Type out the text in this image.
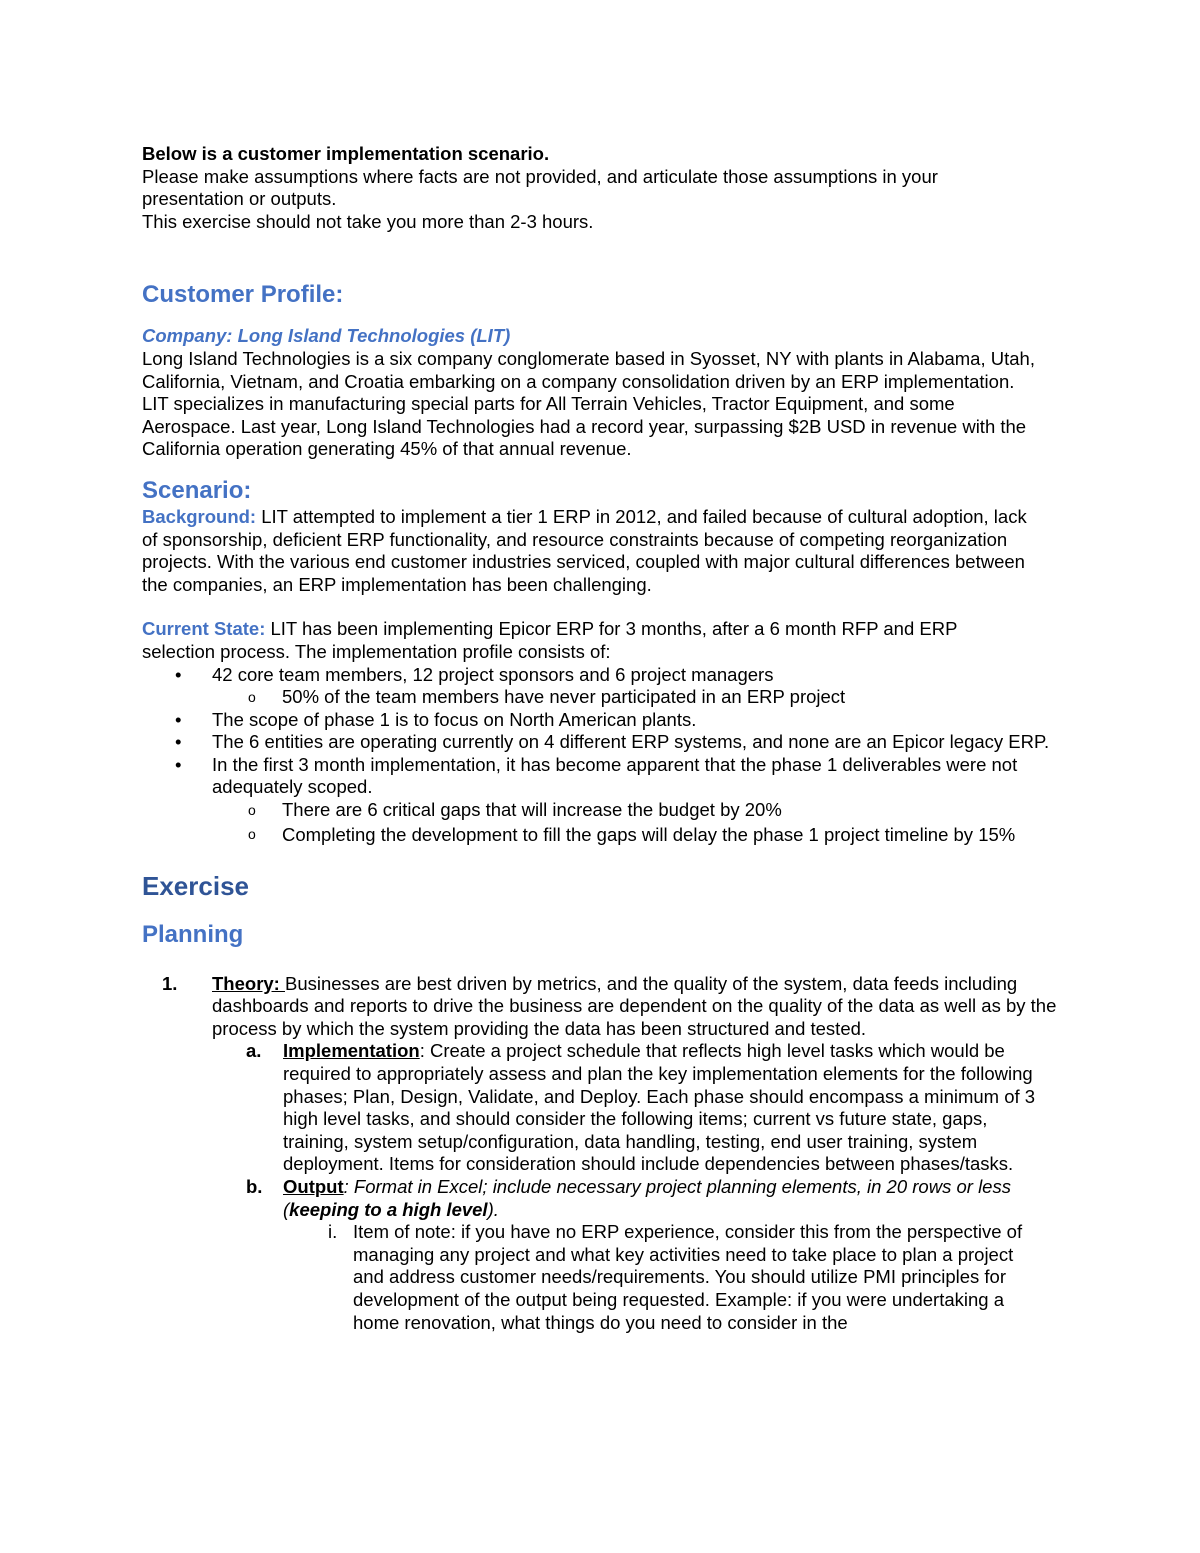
Below is a customer implementation scenario.

Please make assumptions where facts are not provided, and articulate those assumptions in your presentation or outputs.

This exercise should not take you more than 2-3 hours.

Customer Profile:

Company: Long Island Technologies (LIT)

Long Island Technologies is a six company conglomerate based in Syosset, NY with plants in Alabama, Utah, California, Vietnam, and Croatia embarking on a company consolidation driven by an ERP implementation. LIT specializes in manufacturing special parts for All Terrain Vehicles, Tractor Equipment, and some Aerospace. Last year, Long Island Technologies had a record year, surpassing $2B USD in revenue with the California operation generating 45% of that annual revenue.

Scenario:

Background: LIT attempted to implement a tier 1 ERP in 2012, and failed because of cultural adoption, lack of sponsorship, deficient ERP functionality, and resource constraints because of competing reorganization projects. With the various end customer industries serviced, coupled with major cultural differences between the companies, an ERP implementation has been challenging.

Current State: LIT has been implementing Epicor ERP for 3 months, after a 6 month RFP and ERP selection process. The implementation profile consists of:

• 42 core team members, 12 project sponsors and 6 project managers
o 50% of the team members have never participated in an ERP project
• The scope of phase 1 is to focus on North American plants.
• The 6 entities are operating currently on 4 different ERP systems, and none are an Epicor legacy ERP.
• In the first 3 month implementation, it has become apparent that the phase 1 deliverables were not adequately scoped.
o There are 6 critical gaps that will increase the budget by 20%
o Completing the development to fill the gaps will delay the phase 1 project timeline by 15%

Exercise

Planning

1. Theory: Businesses are best driven by metrics, and the quality of the system, data feeds including dashboards and reports to drive the business are dependent on the quality of the data as well as by the process by which the system providing the data has been structured and tested.
a. Implementation: Create a project schedule that reflects high level tasks which would be required to appropriately assess and plan the key implementation elements for the following phases; Plan, Design, Validate, and Deploy. Each phase should encompass a minimum of 3 high level tasks, and should consider the following items; current vs future state, gaps, training, system setup/configuration, data handling, testing, end user training, system deployment. Items for consideration should include dependencies between phases/tasks.
b. Output: Format in Excel; include necessary project planning elements, in 20 rows or less (keeping to a high level).
i. Item of note: if you have no ERP experience, consider this from the perspective of managing any project and what key activities need to take place to plan a project and address customer needs/requirements. You should utilize PMI principles for development of the output being requested. Example: if you were undertaking a home renovation, what things do you need to consider in the
